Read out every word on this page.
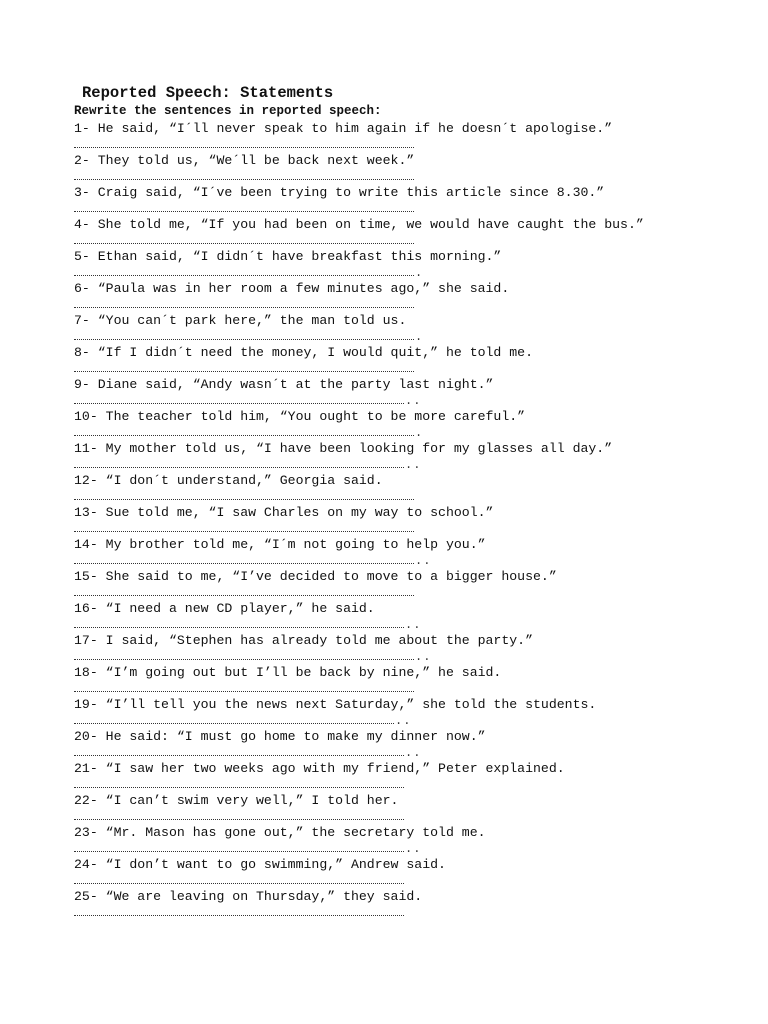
Reported Speech: Statements
Rewrite the sentences in reported speech:
1- He said, “I´ll never speak to him again if he doesn´t apologise.”
2- They told us, “We´ll be back next week.”
3- Craig said, “I´ve been trying to write this article since 8.30.”
4- She told me, “If you had been on time, we would have caught the bus.”
5- Ethan said, “I didn´t have breakfast this morning.”
.
6- “Paula was in her room a few minutes ago,” she said.
7- “You can´t park here,” the man told us.
.
8- “If I didn´t need the money, I would quit,” he told me.
9- Diane said, “Andy wasn´t at the party last night.”
..
10- The teacher told him, “You ought to be more careful.”
.
11- My mother told us, “I have been looking for my glasses all day.”
..
12- “I don´t understand,” Georgia said.
13- Sue told me, “I saw Charles on my way to school.”
14- My brother told me, “I´m not going to help you.”
..
15- She said to me, “I’ve decided to move to a bigger house.”
16- “I need a new CD player,” he said.
..
17- I said, “Stephen has already told me about the party.”
..
18- “I’m going out but I’ll be back by nine,” he said.
19- “I’ll tell you the news next Saturday,” she told the students.
..
20- He said: “I must go home to make my dinner now.”
..
21- “I saw her two weeks ago with my friend,” Peter explained.
22- “I can’t swim very well,” I told her.
23- “Mr. Mason has gone out,” the secretary told me.
..
24- “I don’t want to go swimming,” Andrew said.
25- “We are leaving on Thursday,” they said.
